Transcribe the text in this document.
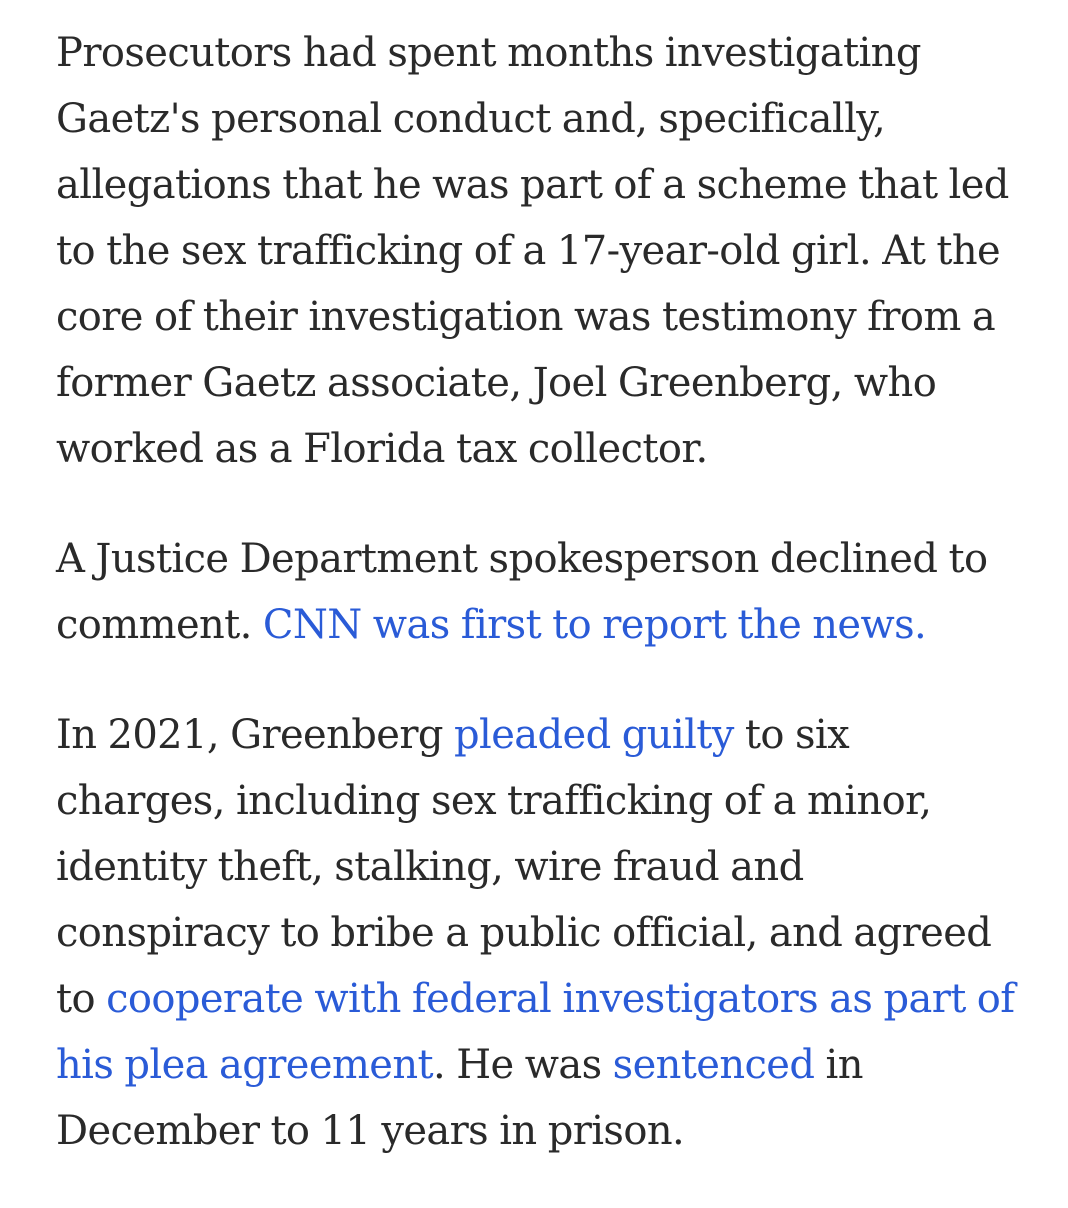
Prosecutors had spent months investigating
Gaetz's personal conduct and, specifically,
allegations that he was part of a scheme that led
to the sex trafficking of a 17-year-old girl. At the
core of their investigation was testimony from a
former Gaetz associate, Joel Greenberg, who
worked as a Florida tax collector.

A Justice Department spokesperson declined to
comment. CNN was first to report the news.

In 2021, Greenberg pleaded guilty to six
charges, including sex trafficking of a minor,
identity theft, stalking, wire fraud and
conspiracy to bribe a public official, and agreed
to cooperate with federal investigators as part of
his plea agreement. He was sentenced in
December to 11 years in prison.
